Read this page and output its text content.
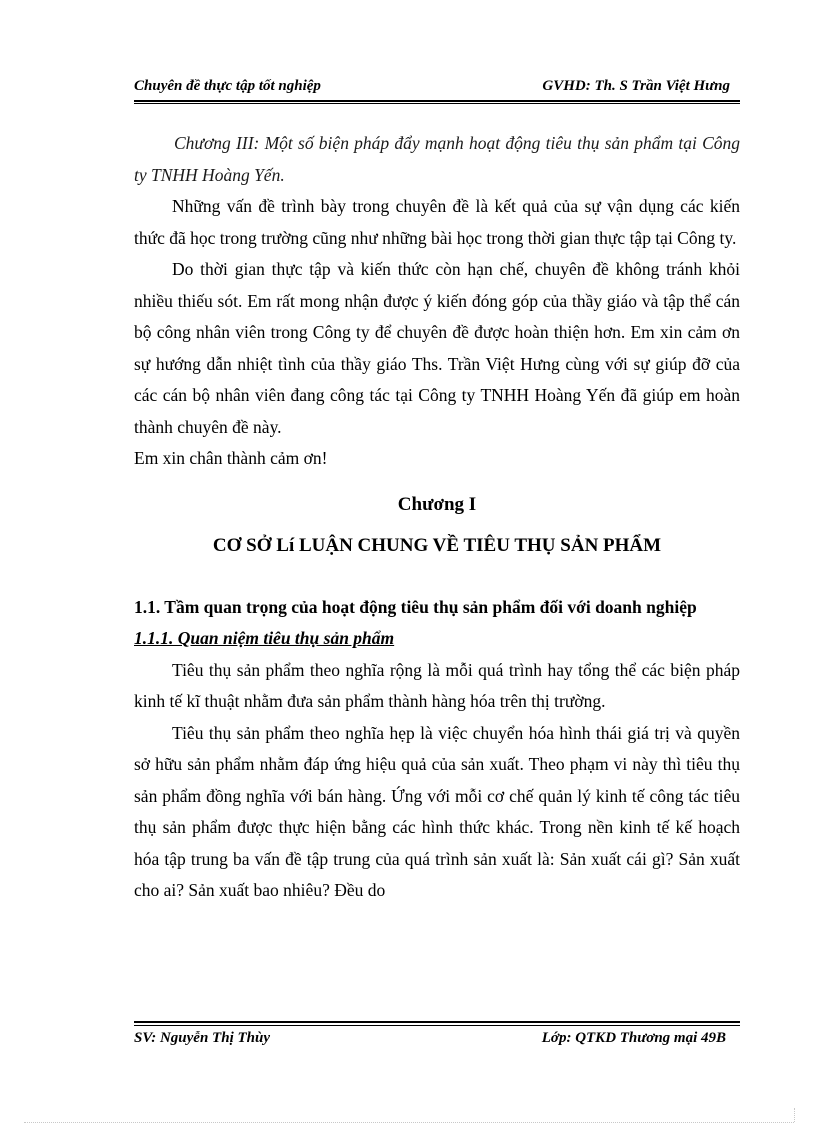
Chuyên đề thực tập tốt nghiệp	GVHD: Th. S Trần Việt Hưng

Chương III: Một số biện pháp đẩy mạnh hoạt động tiêu thụ sản phẩm tại Công ty TNHH Hoàng Yến.

Những vấn đề trình bày trong chuyên đề là kết quả của sự vận dụng các kiến thức đã học trong trường cũng như những bài học trong thời gian thực tập tại Công ty.

Do thời gian thực tập và kiến thức còn hạn chế, chuyên đề không tránh khỏi nhiều thiếu sót. Em rất mong nhận được ý kiến đóng góp của thầy giáo và tập thể cán bộ công nhân viên trong Công ty để chuyên đề được hoàn thiện hơn. Em xin cảm ơn sự hướng dẫn nhiệt tình của thầy giáo Ths. Trần Việt Hưng cùng với sự giúp đỡ của các cán bộ nhân viên đang công tác tại Công ty TNHH Hoàng Yến đã giúp em hoàn thành chuyên đề này.

Em xin chân thành cảm ơn!

Chương I

CƠ SỞ Lí LUẬN CHUNG VỀ TIÊU THỤ SẢN PHẨM

1.1. Tầm quan trọng của hoạt động tiêu thụ sản phẩm đối với doanh nghiệp

1.1.1. Quan niệm tiêu thụ sản phẩm

Tiêu thụ sản phẩm theo nghĩa rộng là mỗi quá trình hay tổng thể các biện pháp kinh tế kĩ thuật nhằm đưa sản phẩm thành hàng hóa trên thị trường.

Tiêu thụ sản phẩm theo nghĩa hẹp là việc chuyển hóa hình thái giá trị và quyền sở hữu sản phẩm nhằm đáp ứng hiệu quả của sản xuất. Theo phạm vi này thì tiêu thụ sản phẩm đồng nghĩa với bán hàng. Ứng với mỗi cơ chế quản lý kinh tế công tác tiêu thụ sản phẩm được thực hiện bằng các hình thức khác. Trong nền kinh tế kế hoạch hóa tập trung ba vấn đề tập trung của quá trình sản xuất là: Sản xuất cái gì? Sản xuất cho ai? Sản xuất bao nhiêu? Đều do

SV: Nguyễn Thị Thùy	Lớp: QTKD Thương mại 49B
